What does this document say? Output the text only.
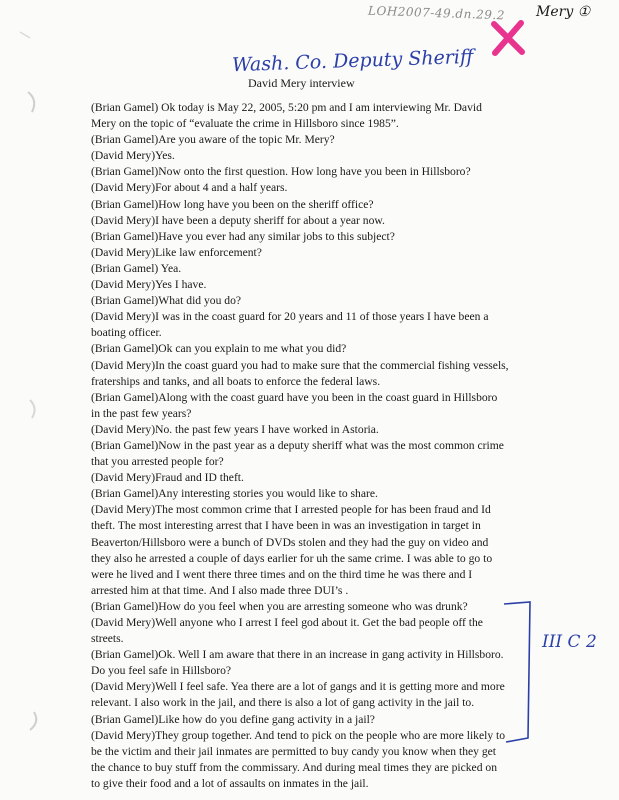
LOH2007-49.dn.29.2 Mery ①
Wash. Co. Deputy Sheriff
David Mery interview
(Brian Gamel) Ok today is May 22, 2005, 5:20 pm and I am interviewing Mr. David
Mery on the topic of “evaluate the crime in Hillsboro since 1985”.
(Brian Gamel)Are you aware of the topic Mr. Mery?
(David Mery)Yes.
(Brian Gamel)Now onto the first question. How long have you been in Hillsboro?
(David Mery)For about 4 and a half years.
(Brian Gamel)How long have you been on the sheriff office?
(David Mery)I have been a deputy sheriff for about a year now.
(Brian Gamel)Have you ever had any similar jobs to this subject?
(David Mery)Like law enforcement?
(Brian Gamel) Yea.
(David Mery)Yes I have.
(Brian Gamel)What did you do?
(David Mery)I was in the coast guard for 20 years and 11 of those years I have been a
boating officer.
(Brian Gamel)Ok can you explain to me what you did?
(David Mery)In the coast guard you had to make sure that the commercial fishing vessels,
fraterships and tanks, and all boats to enforce the federal laws.
(Brian Gamel)Along with the coast guard have you been in the coast guard in Hillsboro
in the past few years?
(David Mery)No. the past few years I have worked in Astoria.
(Brian Gamel)Now in the past year as a deputy sheriff what was the most common crime
that you arrested people for?
(David Mery)Fraud and ID theft.
(Brian Gamel)Any interesting stories you would like to share.
(David Mery)The most common crime that I arrested people for has been fraud and Id
theft. The most interesting arrest that I have been in was an investigation in target in
Beaverton/Hillsboro were a bunch of DVDs stolen and they had the guy on video and
they also he arrested a couple of days earlier for uh the same crime. I was able to go to
were he lived and I went there three times and on the third time he was there and I
arrested him at that time. And I also made three DUI’s .
(Brian Gamel)How do you feel when you are arresting someone who was drunk?
(David Mery)Well anyone who I arrest I feel god about it. Get the bad people off the
streets.
(Brian Gamel)Ok. Well I am aware that there in an increase in gang activity in Hillsboro.
Do you feel safe in Hillsboro?
(David Mery)Well I feel safe. Yea there are a lot of gangs and it is getting more and more
relevant. I also work in the jail, and there is also a lot of gang activity in the jail to.
(Brian Gamel)Like how do you define gang activity in a jail?
(David Mery)They group together. And tend to pick on the people who are more likely to
be the victim and their jail inmates are permitted to buy candy you know when they get
the chance to buy stuff from the commissary. And during meal times they are picked on
to give their food and a lot of assaults on inmates in the jail.
III C 2
